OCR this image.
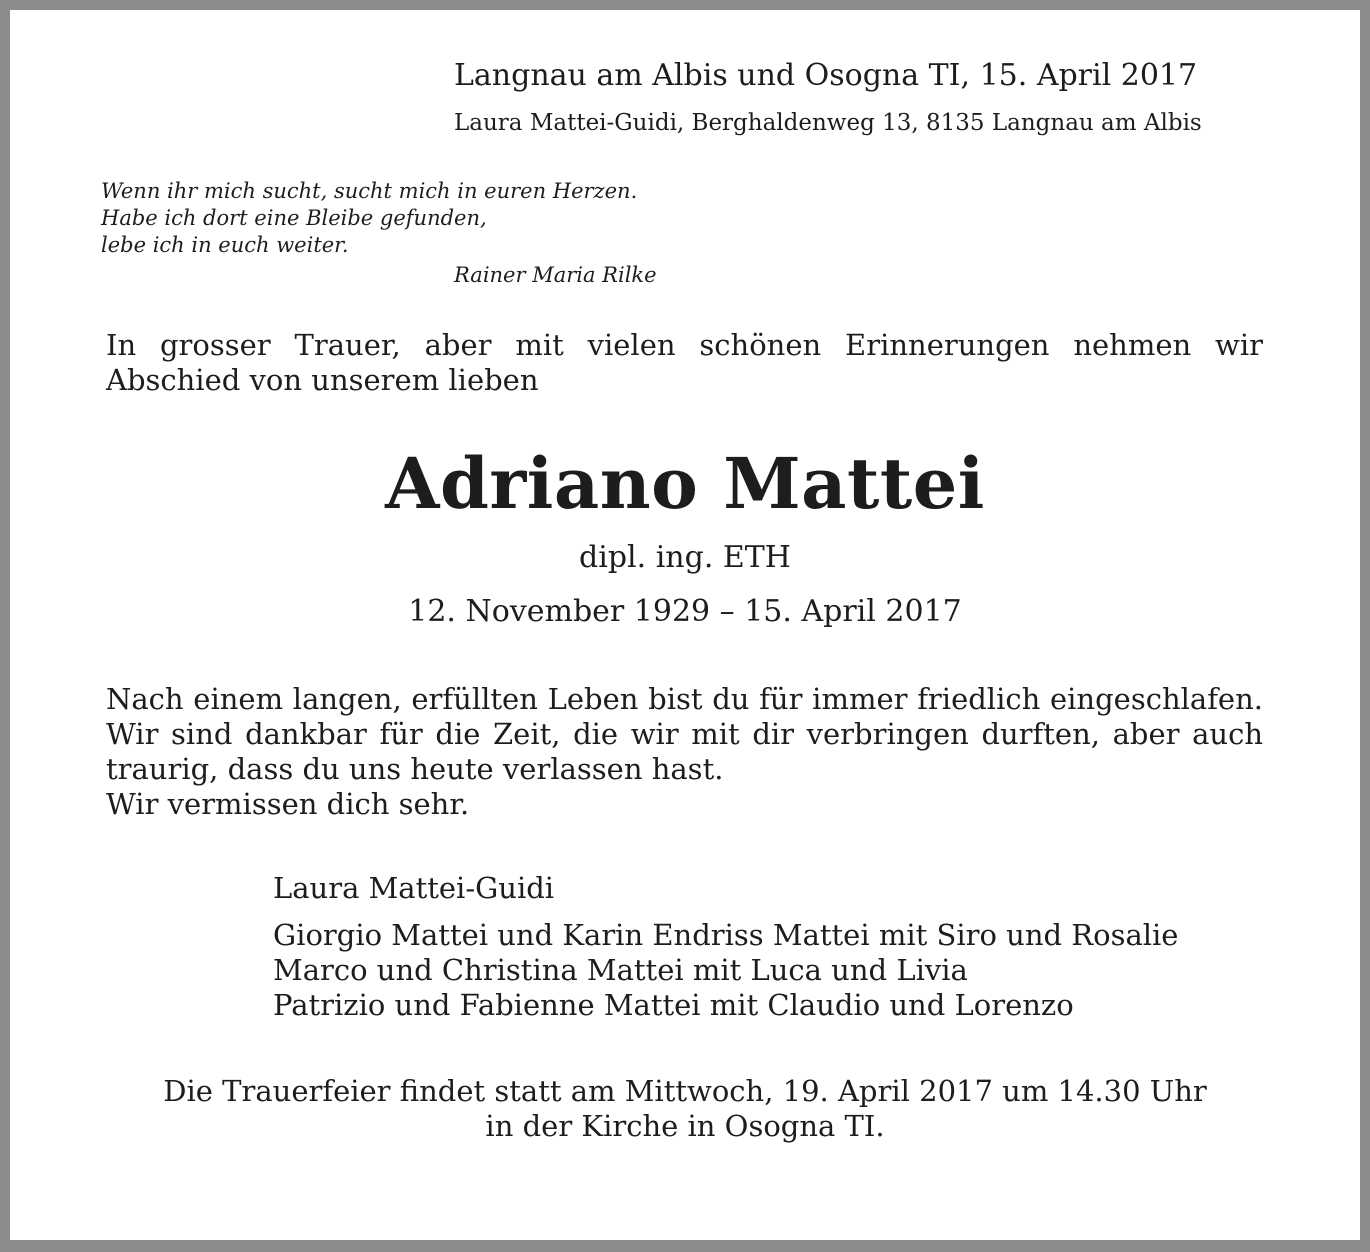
Langnau am Albis und Osogna TI, 15. April 2017

Laura Mattei-Guidi, Berghaldenweg 13, 8135 Langnau am Albis

Wenn ihr mich sucht, sucht mich in euren Herzen.
Habe ich dort eine Bleibe gefunden,
lebe ich in euch weiter.

Rainer Maria Rilke

In grosser Trauer, aber mit vielen schönen Erinnerungen nehmen wir Abschied von unserem lieben

Adriano Mattei

dipl. ing. ETH

12. November 1929 – 15. April 2017

Nach einem langen, erfüllten Leben bist du für immer friedlich eingeschlafen. Wir sind dankbar für die Zeit, die wir mit dir verbringen durften, aber auch traurig, dass du uns heute verlassen hast.
Wir vermissen dich sehr.

Laura Mattei-Guidi

Giorgio Mattei und Karin Endriss Mattei mit Siro und Rosalie
Marco und Christina Mattei mit Luca und Livia
Patrizio und Fabienne Mattei mit Claudio und Lorenzo
Die Trauerfeier findet statt am Mittwoch, 19. April 2017 um 14.30 Uhr
in der Kirche in Osogna TI.
